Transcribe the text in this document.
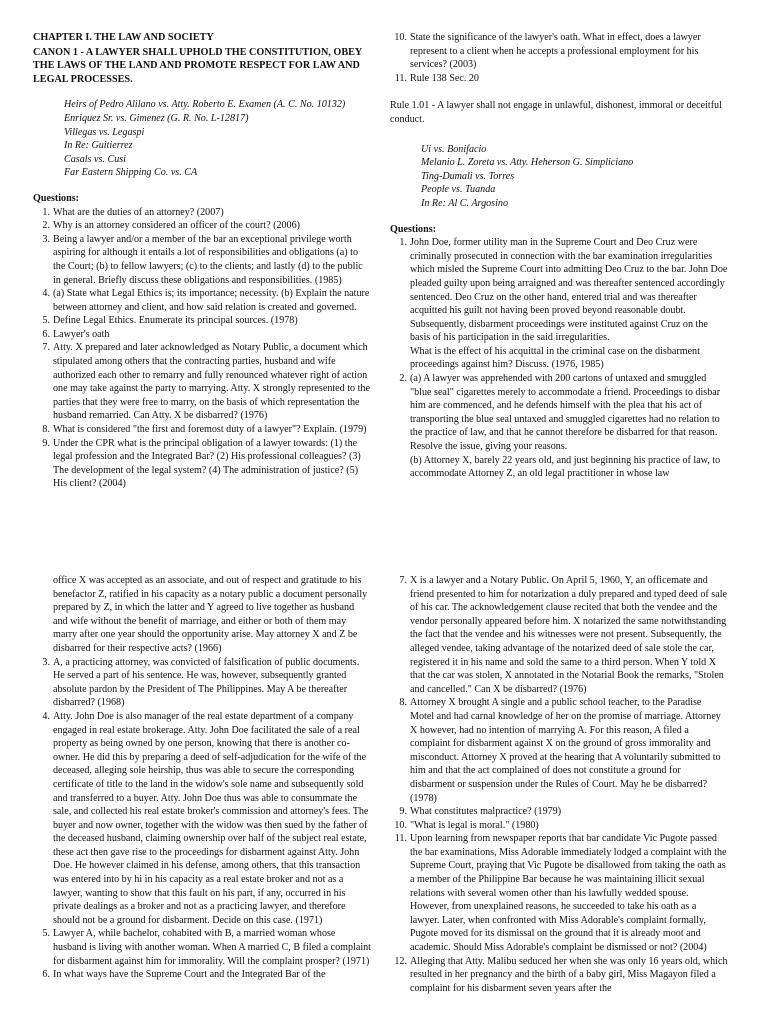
CHAPTER I. THE LAW AND SOCIETY

CANON 1 - A LAWYER SHALL UPHOLD THE CONSTITUTION, OBEY THE LAWS OF THE LAND AND PROMOTE RESPECT FOR LAW AND LEGAL PROCESSES.

Heirs of Pedro Alilano vs. Atty. Roberto E. Examen (A. C. No. 10132)
Enriquez Sr. vs. Gimenez (G. R. No. L-12817)
Villegas vs. Legaspi
In Re: Guitierrez
Casals vs. Cusi
Far Eastern Shipping Co. vs. CA

Questions:

1. What are the duties of an attorney? (2007)
2. Why is an attorney considered an officer of the court? (2006)
3. Being a lawyer and/or a member of the bar an exceptional privilege worth aspiring for although it entails a lot of responsibilities and obligations (a) to the Court; (b) to fellow lawyers; (c) to the clients; and lastly (d) to the public in general. Briefly discuss these obligations and responsibilities. (1985)
4. (a) State what Legal Ethics is; its importance; necessity. (b) Explain the nature between attorney and client, and how said relation is created and governed.
5. Define Legal Ethics. Enumerate its principal sources. (1978)
6. Lawyer's oath
7. Atty. X prepared and later acknowledged as Notary Public, a document which stipulated among others that the contracting parties, husband and wife authorized each other to remarry and fully renounced whatever right of action one may take against the party to marrying. Atty. X strongly represented to the parties that they were free to marry, on the basis of which representation the husband remarried. Can Atty. X be disbarred? (1976)
8. What is considered "the first and foremost duty of a lawyer"? Explain. (1979)
9. Under the CPR what is the principal obligation of a lawyer towards: (1) the legal profession and the Integrated Bar? (2) His professional colleagues? (3) The development of the legal system? (4) The administration of justice? (5) His client? (2004)
10. State the significance of the lawyer's oath. What in effect, does a lawyer represent to a client when he accepts a professional employment for his services? (2003)
11. Rule 138 Sec. 20

Rule 1.01 - A lawyer shall not engage in unlawful, dishonest, immoral or deceitful conduct.

Ui vs. Bonifacio
Melanio L. Zoreta vs. Atty. Heherson G. Simpliciano
Ting-Dumali vs. Torres
People vs. Tuanda
In Re: Al C. Argosino

Questions:

1. John Doe, former utility man in the Supreme Court and Deo Cruz were criminally prosecuted in connection with the bar examination irregularities which misled the Supreme Court into admitting Deo Cruz to the bar. John Doe pleaded guilty upon being arraigned and was thereafter sentenced accordingly sentenced. Deo Cruz on the other hand, entered trial and was thereafter acquitted his guilt not having been proved beyond reasonable doubt. Subsequently, disbarment proceedings were instituted against Cruz on the basis of his participation in the said irregularities.
What is the effect of his acquittal in the criminal case on the disbarment proceedings against him? Discuss. (1976, 1985)
2. (a) A lawyer was apprehended with 200 cartons of untaxed and smuggled "blue seal" cigarettes merely to accommodate a friend. Proceedings to disbar him are commenced, and he defends himself with the plea that his act of transporting the blue seal untaxed and smuggled cigarettes had no relation to the practice of law, and that he cannot therefore be disbarred for that reason. Resolve the issue, giving your reasons.
(b) Attorney X, barely 22 years old, and just beginning his practice of law, to accommodate Attorney Z, an old legal practitioner in whose law

office X was accepted as an associate, and out of respect and gratitude to his benefactor Z, ratified in his capacity as a notary public a document personally prepared by Z, in which the latter and Y agreed to live together as husband and wife without the benefit of marriage, and either or both of them may marry after one year should the opportunity arise. May attorney X and Z be disbarred for their respective acts? (1966)

3. A, a practicing attorney, was convicted of falsification of public documents. He served a part of his sentence. He was, however, subsequently granted absolute pardon by the President of The Philippines. May A be thereafter disbarred? (1968)
4. Atty. John Doe is also manager of the real estate department of a company engaged in real estate brokerage. Atty. John Doe facilitated the sale of a real property as being owned by one person, knowing that there is another co-owner. He did this by preparing a deed of self-adjudication for the wife of the deceased, alleging sole heirship, thus was able to secure the corresponding certificate of title to the land in the widow's sole name and subsequently sold and transferred to a buyer. Atty. John Doe thus was able to consummate the sale, and collected his real estate broker's commission and attorney's fees. The buyer and now owner, together with the widow was then sued by the father of the deceased husband, claiming ownership over half of the subject real estate, these act then gave rise to the proceedings for disbarment against Atty. John Doe. He however claimed in his defense, among others, that this transaction was entered into by hi in his capacity as a real estate broker and not as a lawyer, wanting to show that this fault on his part, if any, occurred in his private dealings as a broker and not as a practicing lawyer, and therefore should not be a ground for disbarment. Decide on this case. (1971)
5. Lawyer A, while bachelor, cohabited with B, a married woman whose husband is living with another woman. When A married C, B filed a complaint for disbarment against him for immorality. Will the complaint prosper? (1971)
6. In what ways have the Supreme Court and the Integrated Bar of the
7. X is a lawyer and a Notary Public. On April 5, 1960, Y, an officemate and friend presented to him for notarization a duly prepared and typed deed of sale of his car. The acknowledgement clause recited that both the vendee and the vendor personally appeared before him. X notarized the same notwithstanding the fact that the vendee and his witnesses were not present. Subsequently, the alleged vendee, taking advantage of the notarized deed of sale stole the car, registered it in his name and sold the same to a third person. When Y told X that the car was stolen, X annotated in the Notarial Book the remarks, "Stolen and cancelled." Can X be disbarred? (1976)
8. Attorney X brought A single and a public school teacher, to the Paradise Motel and had carnal knowledge of her on the promise of marriage. Attorney X however, had no intention of marrying A. For this reason, A filed a complaint for disbarment against X on the ground of gross immorality and misconduct. Attorney X proved at the hearing that A voluntarily submitted to him and that the act complained of does not constitute a ground for disbarment or suspension under the Rules of Court. May he be disbarred? (1978)
9. What constitutes malpractice? (1979)
10. "What is legal is moral." (1980)
11. Upon learning from newspaper reports that bar candidate Vic Pugote passed the bar examinations, Miss Adorable immediately lodged a complaint with the Supreme Court, praying that Vic Pugote be disallowed from taking the oath as a member of the Philippine Bar because he was maintaining illicit sexual relations with several women other than his lawfully wedded spouse. However, from unexplained reasons, he succeeded to take his oath as a lawyer. Later, when confronted with Miss Adorable's complaint formally, Pugote moved for its dismissal on the ground that it is already moot and academic. Should Miss Adorable's complaint be dismissed or not? (2004)
12. Alleging that Atty. Malibu seduced her when she was only 16 years old, which resulted in her pregnancy and the birth of a baby girl, Miss Magayon filed a complaint for his disbarment seven years after the
